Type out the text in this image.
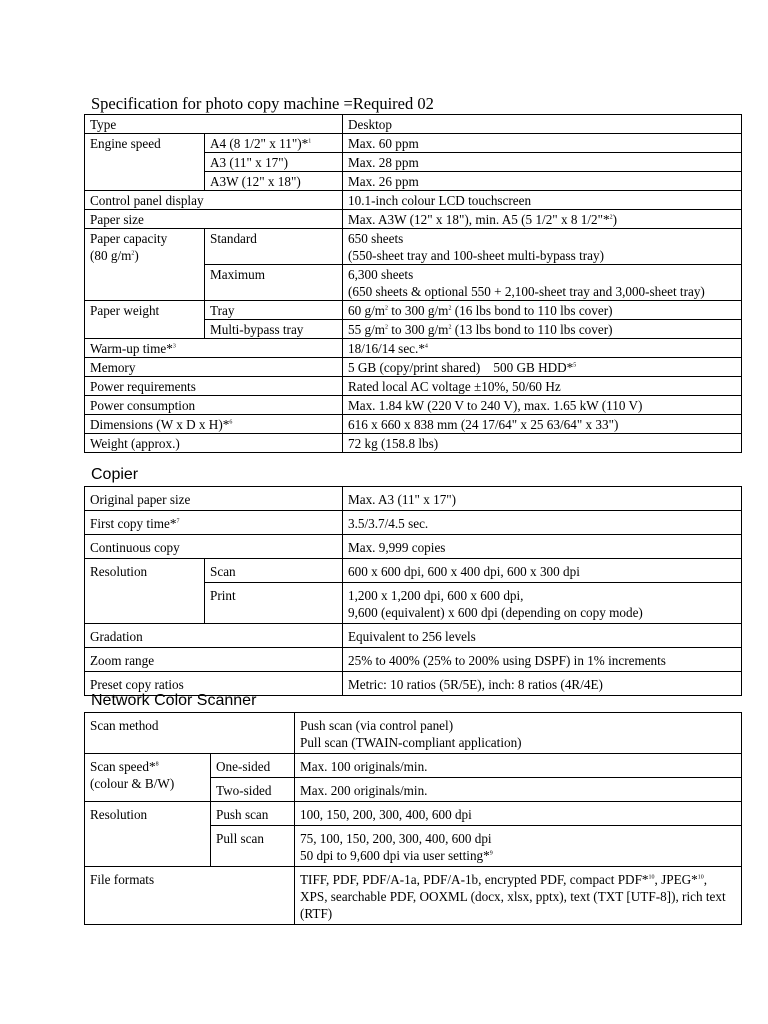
Specification for photo copy machine =Required 02
Type		Desktop
Engine speed	A4 (8 1/2" x 11")*$^1$	Max. 60 ppm
	A3 (11" x 17")	Max. 28 ppm
	A3W (12" x 18")	Max. 26 ppm
Control panel display		10.1-inch colour LCD touchscreen
Paper size		Max. A3W (12" x 18"), min. A5 (5 1/2" x 8 1/2"*$^2$)
Paper capacity
(80 $g/m^2$)	Standard	650 sheets
(550-sheet tray and 100-sheet multi-bypass tray)
	Maximum	6,300 sheets
(650 sheets & optional 550 + 2,100-sheet tray and 3,000-sheet tray)
Paper weight	Tray	60 $g/m^2$ to 300 $g/m^2$ (16 lbs bond to 110 lbs cover)
	Multi-bypass tray	55 $g/m^2$ to 300 $g/m^2$ (13 lbs bond to 110 lbs cover)
Warm-up time*$^3$		18/16/14 sec.*$^4$
Memory		5 GB (copy/print shared)    500 GB HDD*$^5$
Power requirements		Rated local AC voltage ±10%, 50/60 Hz
Power consumption		Max. 1.84 kW (220 V to 240 V), max. 1.65 kW (110 V)
Dimensions (W x D x H)*$^6$		616 x 660 x 838 mm (24 17/64" x 25 63/64" x 33")
Weight (approx.)		72 kg (158.8 lbs)
Copier
Original paper size		Max. A3 (11" x 17")
First copy time*$^7$		3.5/3.7/4.5 sec.
Continuous copy		Max. 9,999 copies
Resolution	Scan	600 x 600 dpi, 600 x 400 dpi, 600 x 300 dpi
	Print	1,200 x 1,200 dpi, 600 x 600 dpi,
9,600 (equivalent) x 600 dpi (depending on copy mode)
Gradation		Equivalent to 256 levels
Zoom range		25% to 400% (25% to 200% using DSPF) in 1% increments
Preset copy ratios		Metric: 10 ratios (5R/5E), inch: 8 ratios (4R/4E)
Network Color Scanner
Scan method		Push scan (via control panel)
Pull scan (TWAIN-compliant application)
Scan speed*$^8$
(colour & B/W)	One-sided	Max. 100 originals/min.
	Two-sided	Max. 200 originals/min.
Resolution	Push scan	100, 150, 200, 300, 400, 600 dpi
	Pull scan	75, 100, 150, 200, 300, 400, 600 dpi
50 dpi to 9,600 dpi via user setting*$^9$
File formats		TIFF, PDF, PDF/A-1a, PDF/A-1b, encrypted PDF, compact PDF*$^{10}$, JPEG*$^{10}$, XPS, searchable PDF, OOXML (docx, xlsx, pptx), text (TXT [UTF-8]), rich text (RTF)
